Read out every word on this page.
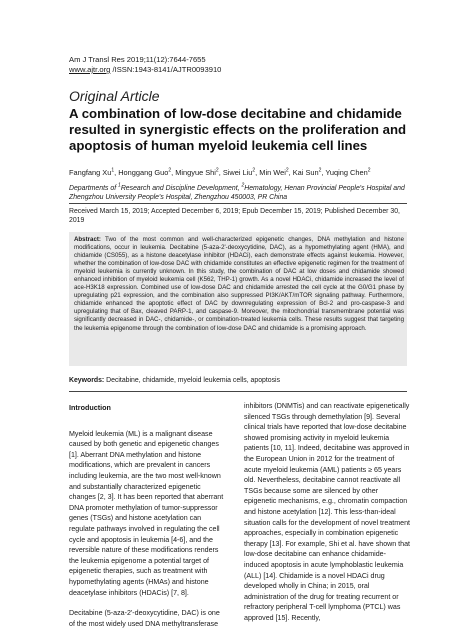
Am J Transl Res 2019;11(12):7644-7655
www.ajtr.org /ISSN:1943-8141/AJTR0093910
Original Article
A combination of low-dose decitabine and chidamide resulted in synergistic effects on the proliferation and apoptosis of human myeloid leukemia cell lines
Fangfang Xu$^1$, Honggang Guo$^2$, Mingyue Shi$^2$, Siwei Liu$^2$, Min Wei$^2$, Kai Sun$^2$, Yuqing Chen$^2$
Departments of $^1$Research and Discipline Development, $^2$Hematology, Henan Provincial People's Hospital and Zhengzhou University People's Hospital, Zhengzhou 450003, PR China
Received March 15, 2019; Accepted December 6, 2019; Epub December 15, 2019; Published December 30, 2019
Abstract: Two of the most common and well-characterized epigenetic changes, DNA methylation and histone modifications, occur in leukemia. Decitabine (5-aza-2'-deoxycytidine, DAC), as a hypomethylating agent (HMA), and chidamide (CS055), as a histone deacetylase inhibitor (HDACi), each demonstrate effects against leukemia. However, whether the combination of low-dose DAC with chidamide constitutes an effective epigenetic regimen for the treatment of myeloid leukemia is currently unknown. In this study, the combination of DAC at low doses and chidamide showed enhanced inhibition of myeloid leukemia cell (K562, THP-1) growth. As a novel HDACi, chidamide increased the level of ace-H3K18 expression. Combined use of low-dose DAC and chidamide arrested the cell cycle at the G0/G1 phase by upregulating p21 expression, and the combination also suppressed PI3K/AKT/mTOR signaling pathway. Furthermore, chidamide enhanced the apoptotic effect of DAC by downregulating expression of Bcl-2 and pro-caspase-3 and upregulating that of Bax, cleaved PARP-1, and caspase-9. Moreover, the mitochondrial transmembrane potential was significantly decreased in DAC-, chidamide-, or combination-treated leukemia cells. These results suggest that targeting the leukemia epigenome through the combination of low-dose DAC and chidamide is a promising approach.
Keywords: Decitabine, chidamide, myeloid leukemia cells, apoptosis
Introduction

Myeloid leukemia (ML) is a malignant disease caused by both genetic and epigenetic changes [1]. Aberrant DNA methylation and histone modifications, which are prevalent in cancers including leukemia, are the two most well-known and substantially characterized epigenetic changes [2, 3]. It has been reported that aberrant DNA promoter methylation of tumor-suppressor genes (TSGs) and histone acetylation can regulate pathways involved in regulating the cell cycle and apoptosis in leukemia [4-6], and the reversible nature of these modifications renders the leukemia epigenome a potential target of epigenetic therapies, such as treatment with hypomethylating agents (HMAs) and histone deacetylase inhibitors (HDACis) [7, 8].

Decitabine (5-aza-2'-deoxycytidine, DAC) is one of the most widely used DNA methyltransferase

inhibitors (DNMTis) and can reactivate epigenetically silenced TSGs through demethylation [9]. Several clinical trials have reported that low-dose decitabine showed promising activity in myeloid leukemia patients [10, 11]. Indeed, decitabine was approved in the European Union in 2012 for the treatment of acute myeloid leukemia (AML) patients ≥ 65 years old. Nevertheless, decitabine cannot reactivate all TSGs because some are silenced by other epigenetic mechanisms, e.g., chromatin compaction and histone acetylation [12]. This less-than-ideal situation calls for the development of novel treatment approaches, especially in combination epigenetic therapy [13]. For example, Shi et al. have shown that low-dose decitabine can enhance chidamide-induced apoptosis in acute lymphoblastic leukemia (ALL) [14]. Chidamide is a novel HDACi drug developed wholly in China; in 2015, oral administration of the drug for treating recurrent or refractory peripheral T-cell lymphoma (PTCL) was approved [15]. Recently,
